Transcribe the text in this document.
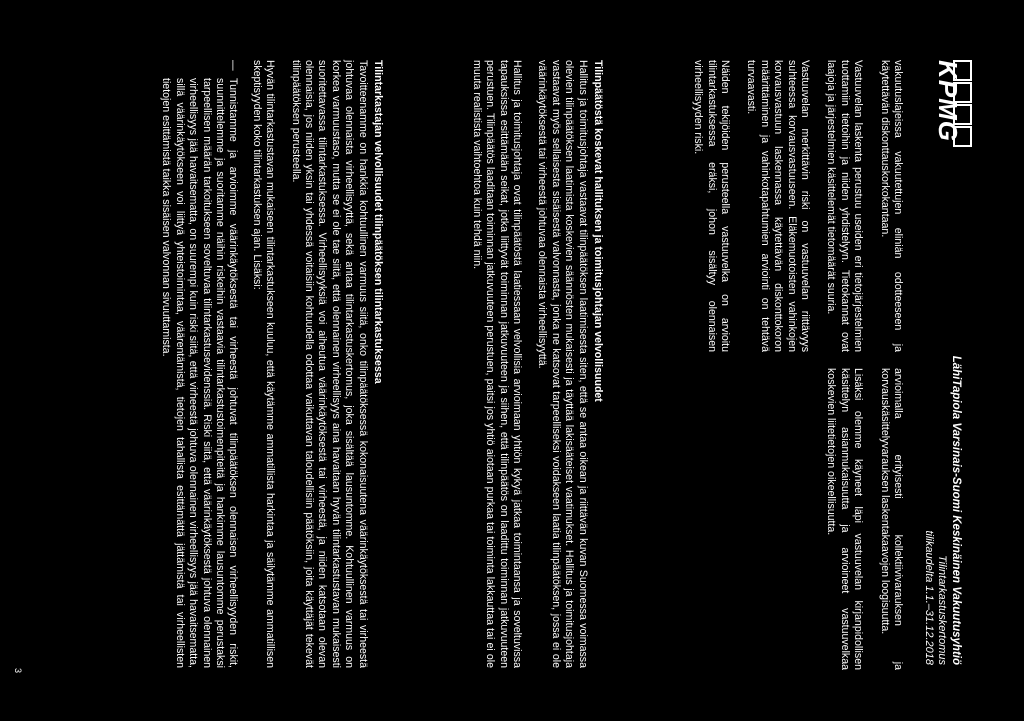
KPMG
LähiTapiola Varsinais-Suomi Keskinäinen Vakuutusyhtiö
Tilintarkastuskertomus
tilikaudelta 1.1.–31.12.2018

vakuutuslajeissa vakuutettujen eliniän odotteeseen ja käytettävän diskonttauskorkokantaan.

Vastuuvelan laskenta perustuu useiden eri tietojärjestelmien tuottamiin tietoihin ja niiden yhdistelyyn. Tietokannat ovat laajoja ja järjestelmien käsittelemät tietomäärät suuria.

Vastuuvelan merkittävin riski on vastuuvelan riittävyys suhteessa korvausvastuuseen. Eläkemuotoisten vahinkojen korvausvastuun laskennassa käytettävän diskonttokoron määrittäminen ja vahinkotapahtumien arviointi on tehtävä turvaavasti.

Näiden tekijöiden perusteella vastuuvelka on arvioitu tilintarkastuksessa eräksi, johon sisältyy olennaisen virheellisyyden riski.

arvioimalla erityisesti kollektiivivarauksen ja korvauskäsittelyvarauksen laskentakaavojen loogisuutta.

Lisäksi olemme käyneet läpi vastuuvelan kirjanpidollisen käsittelyn asianmukaisuutta ja arvioineet vastuuvelkaa koskevien liitetietojen oikeellisuutta.

Tilinpäätöstä koskevat hallituksen ja toimitusjohtajan velvollisuudet

Hallitus ja toimitusjohtaja vastaavat tilinpäätöksen laatimisesta siten, että se antaa oikean ja riittävän kuvan Suomessa voimassa olevien tilinpäätöksen laatimista koskevien säännösten mukaisesti ja täyttää lakisääteiset vaatimukset. Hallitus ja toimitusjohtaja vastaavat myös sellaisesta sisäisestä valvonnasta, jonka ne katsovat tarpeelliseksi voidakseen laatia tilinpäätöksen, jossa ei ole väärinkäytöksestä tai virheestä johtuvaa olennaista virheellisyyttä.

Hallitus ja toimitusjohtaja ovat tilinpäätöstä laatiessaan velvollisia arvioimaan yhtiön kykyä jatkaa toimintaansa ja soveltuvissa tapauksissa esittämään seikat, jotka liittyvät toiminnan jatkuvuuteen ja siihen, että tilinpäätös on laadittu toiminnan jatkuvuuteen perustuen. Tilinpäätös laaditaan toiminnan jatkuvuuteen perustuen, paitsi jos yhtiö aiotaan purkaa tai toiminta lakkauttaa tai ei ole muuta realistista vaihtoehtoa kuin tehdä niin.

Tilintarkastajan velvollisuudet tilinpäätöksen tilintarkastuksessa

Tavoitteenamme on hankkia kohtuullinen varmuus siitä, onko tilinpäätöksessä kokonaisuutena väärinkäytöksestä tai virheestä johtuvaa olennaista virheellisyyttä, sekä antaa tilintarkastuskertomus, joka sisältää lausuntomme. Kohtuullinen varmuus on korkea varmuustaso, mutta se ei ole tae siitä, että olennainen virheellisyys aina havaitaan hyvän tilintarkastustavan mukaisesti suoritettavassa tilintarkastuksessa. Virheellisyyksiä voi aiheutua väärinkäytöksestä tai virheestä, ja niiden katsotaan olevan olennaisia, jos niiden yksin tai yhdessä voitaisiin kohtuudella odottaa vaikuttavan taloudellisiin päätöksiin, joita käyttäjät tekevät tilinpäätöksen perusteella.

Hyvän tilintarkastustavan mukaiseen tilintarkastukseen kuuluu, että käytämme ammatillista harkintaa ja säilytämme ammatillisen skeptisyyden koko tilintarkastuksen ajan. Lisäksi:

— Tunnistamme ja arvioimme väärinkäytöksestä tai virheestä johtuvat tilinpäätöksen olennaisen virheellisyyden riskit, suunnittelemme ja suoritamme näihin riskeihin vastaavia tilintarkastustoimenpiteitä ja hankimme lausuntomme perustaksi tarpeellisen määrän tarkoitukseen soveltuvaa tilintarkastusevidenssiä. Riski siitä, että väärinkäytöksestä johtuva olennainen virheellisyys jää havaitsematta, on suurempi kuin riski siitä, että virheestä johtuva olennainen virheellisyys jää havaitsematta, sillä väärinkäytökseen voi liittyä yhteistoimintaa, väärentämistä, tietojen tahallista esittämättä jättämistä tai virheellisten tietojen esittämistä taikka sisäisen valvonnan sivuuttamista.
3
